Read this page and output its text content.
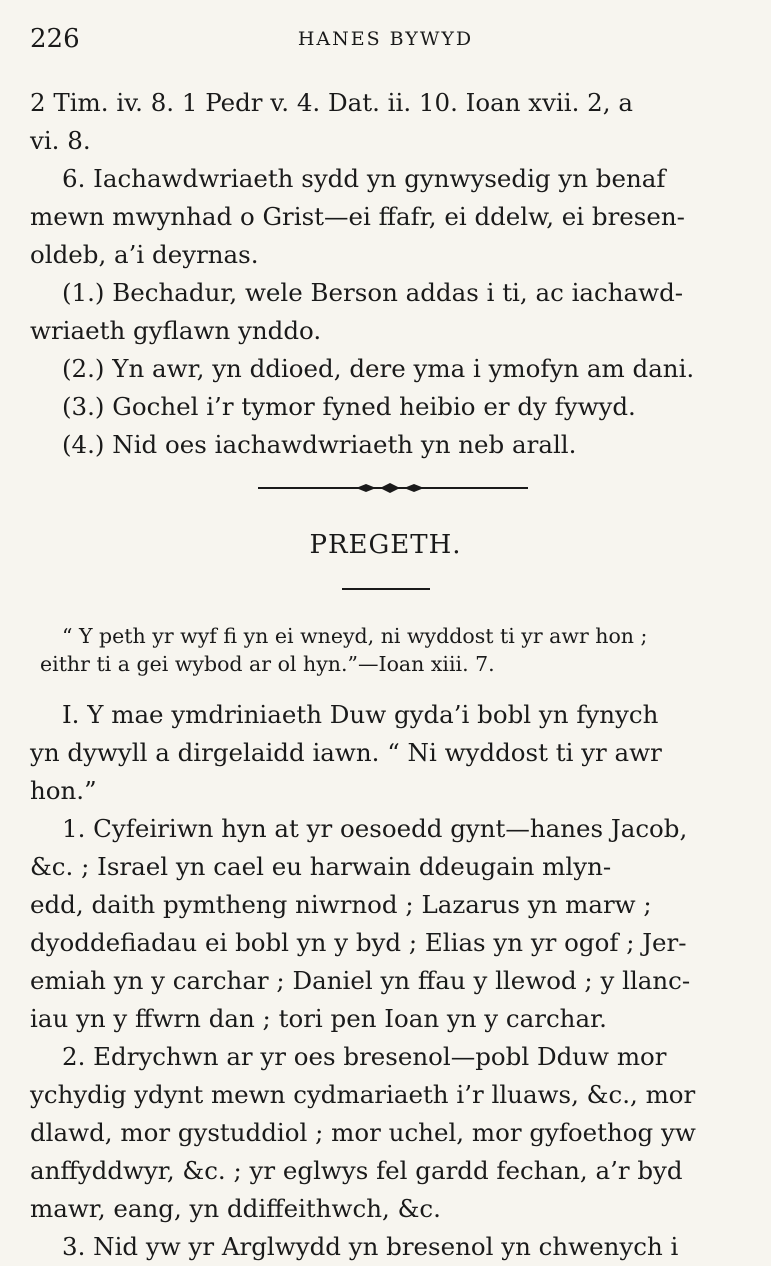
226	HANES BYWYD
2 Tim. iv. 8. 1 Pedr v. 4. Dat. ii. 10. Ioan xvii. 2, a
vi. 8.
6. Iachawdwriaeth sydd yn gynwysedig yn benaf
mewn mwynhad o Grist—ei ffafr, ei ddelw, ei bresen-
oldeb, a’i deyrnas.
(1.) Bechadur, wele Berson addas i ti, ac iachawd-
wriaeth gyflawn ynddo.
(2.) Yn awr, yn ddioed, dere yma i ymofyn am dani.
(3.) Gochel i’r tymor fyned heibio er dy fywyd.
(4.) Nid oes iachawdwriaeth yn neb arall.
PREGETH.
“ Y peth yr wyf fi yn ei wneyd, ni wyddost ti yr awr hon ;
eithr ti a gei wybod ar ol hyn.”—Ioan xiii. 7.
I. Y mae ymdriniaeth Duw gyda’i bobl yn fynych
yn dywyll a dirgelaidd iawn. “ Ni wyddost ti yr awr
hon.”
1. Cyfeiriwn hyn at yr oesoedd gynt—hanes Jacob,
&c. ; Israel yn cael eu harwain ddeugain mlyn-
edd, daith pymtheng niwrnod ; Lazarus yn marw ;
dyoddefiadau ei bobl yn y byd ; Elias yn yr ogof ; Jer-
emiah yn y carchar ; Daniel yn ffau y llewod ; y llanc-
iau yn y ffwrn dan ; tori pen Ioan yn y carchar.
2. Edrychwn ar yr oes bresenol—pobl Dduw mor
ychydig ydynt mewn cydmariaeth i’r lluaws, &c., mor
dlawd, mor gystuddiol ; mor uchel, mor gyfoethog yw
anffyddwyr, &c. ; yr eglwys fel gardd fechan, a’r byd
mawr, eang, yn ddiffeithwch, &c.
3. Nid yw yr Arglwydd yn bresenol yn chwenych i
